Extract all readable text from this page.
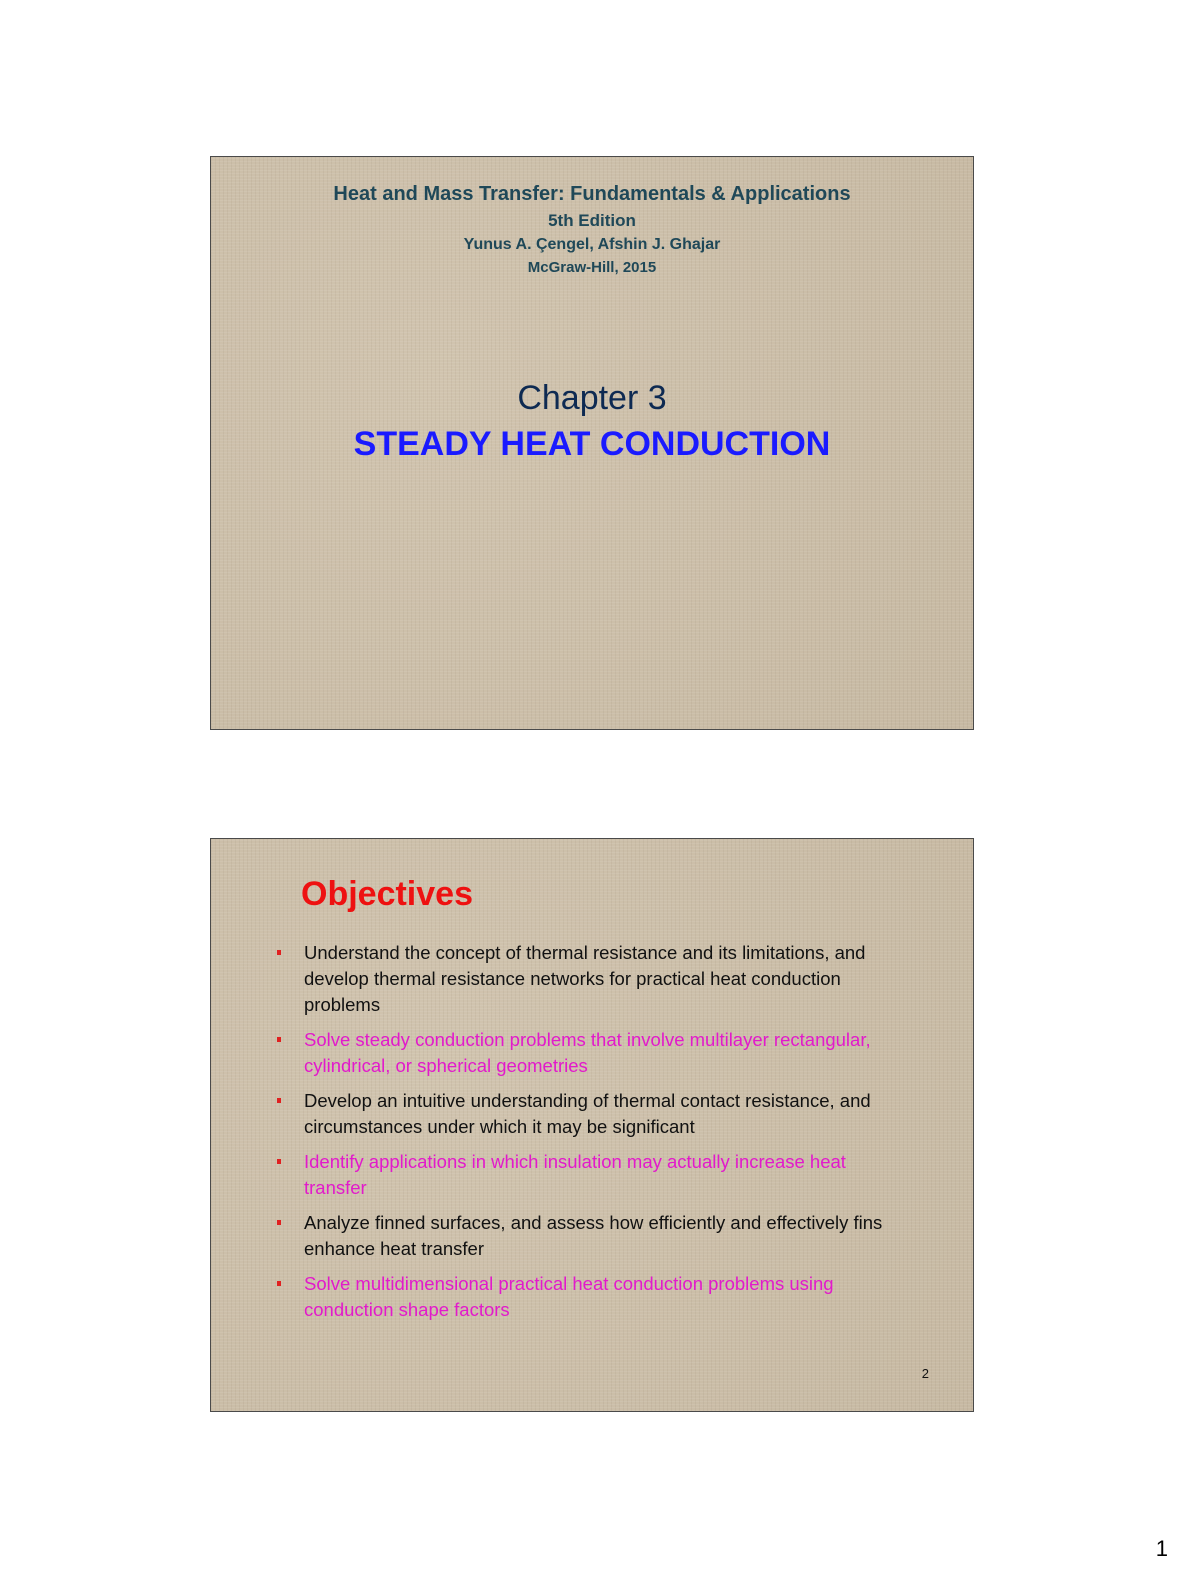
Heat and Mass Transfer: Fundamentals & Applications
5th Edition
Yunus A. Çengel, Afshin J. Ghajar
McGraw-Hill, 2015
Chapter 3
STEADY HEAT CONDUCTION
Objectives
Understand the concept of thermal resistance and its limitations, and develop thermal resistance networks for practical heat conduction problems
Solve steady conduction problems that involve multilayer rectangular, cylindrical, or spherical geometries
Develop an intuitive understanding of thermal contact resistance, and circumstances under which it may be significant
Identify applications in which insulation may actually increase heat transfer
Analyze finned surfaces, and assess how efficiently and effectively fins enhance heat transfer
Solve multidimensional practical heat conduction problems using conduction shape factors
2
1
